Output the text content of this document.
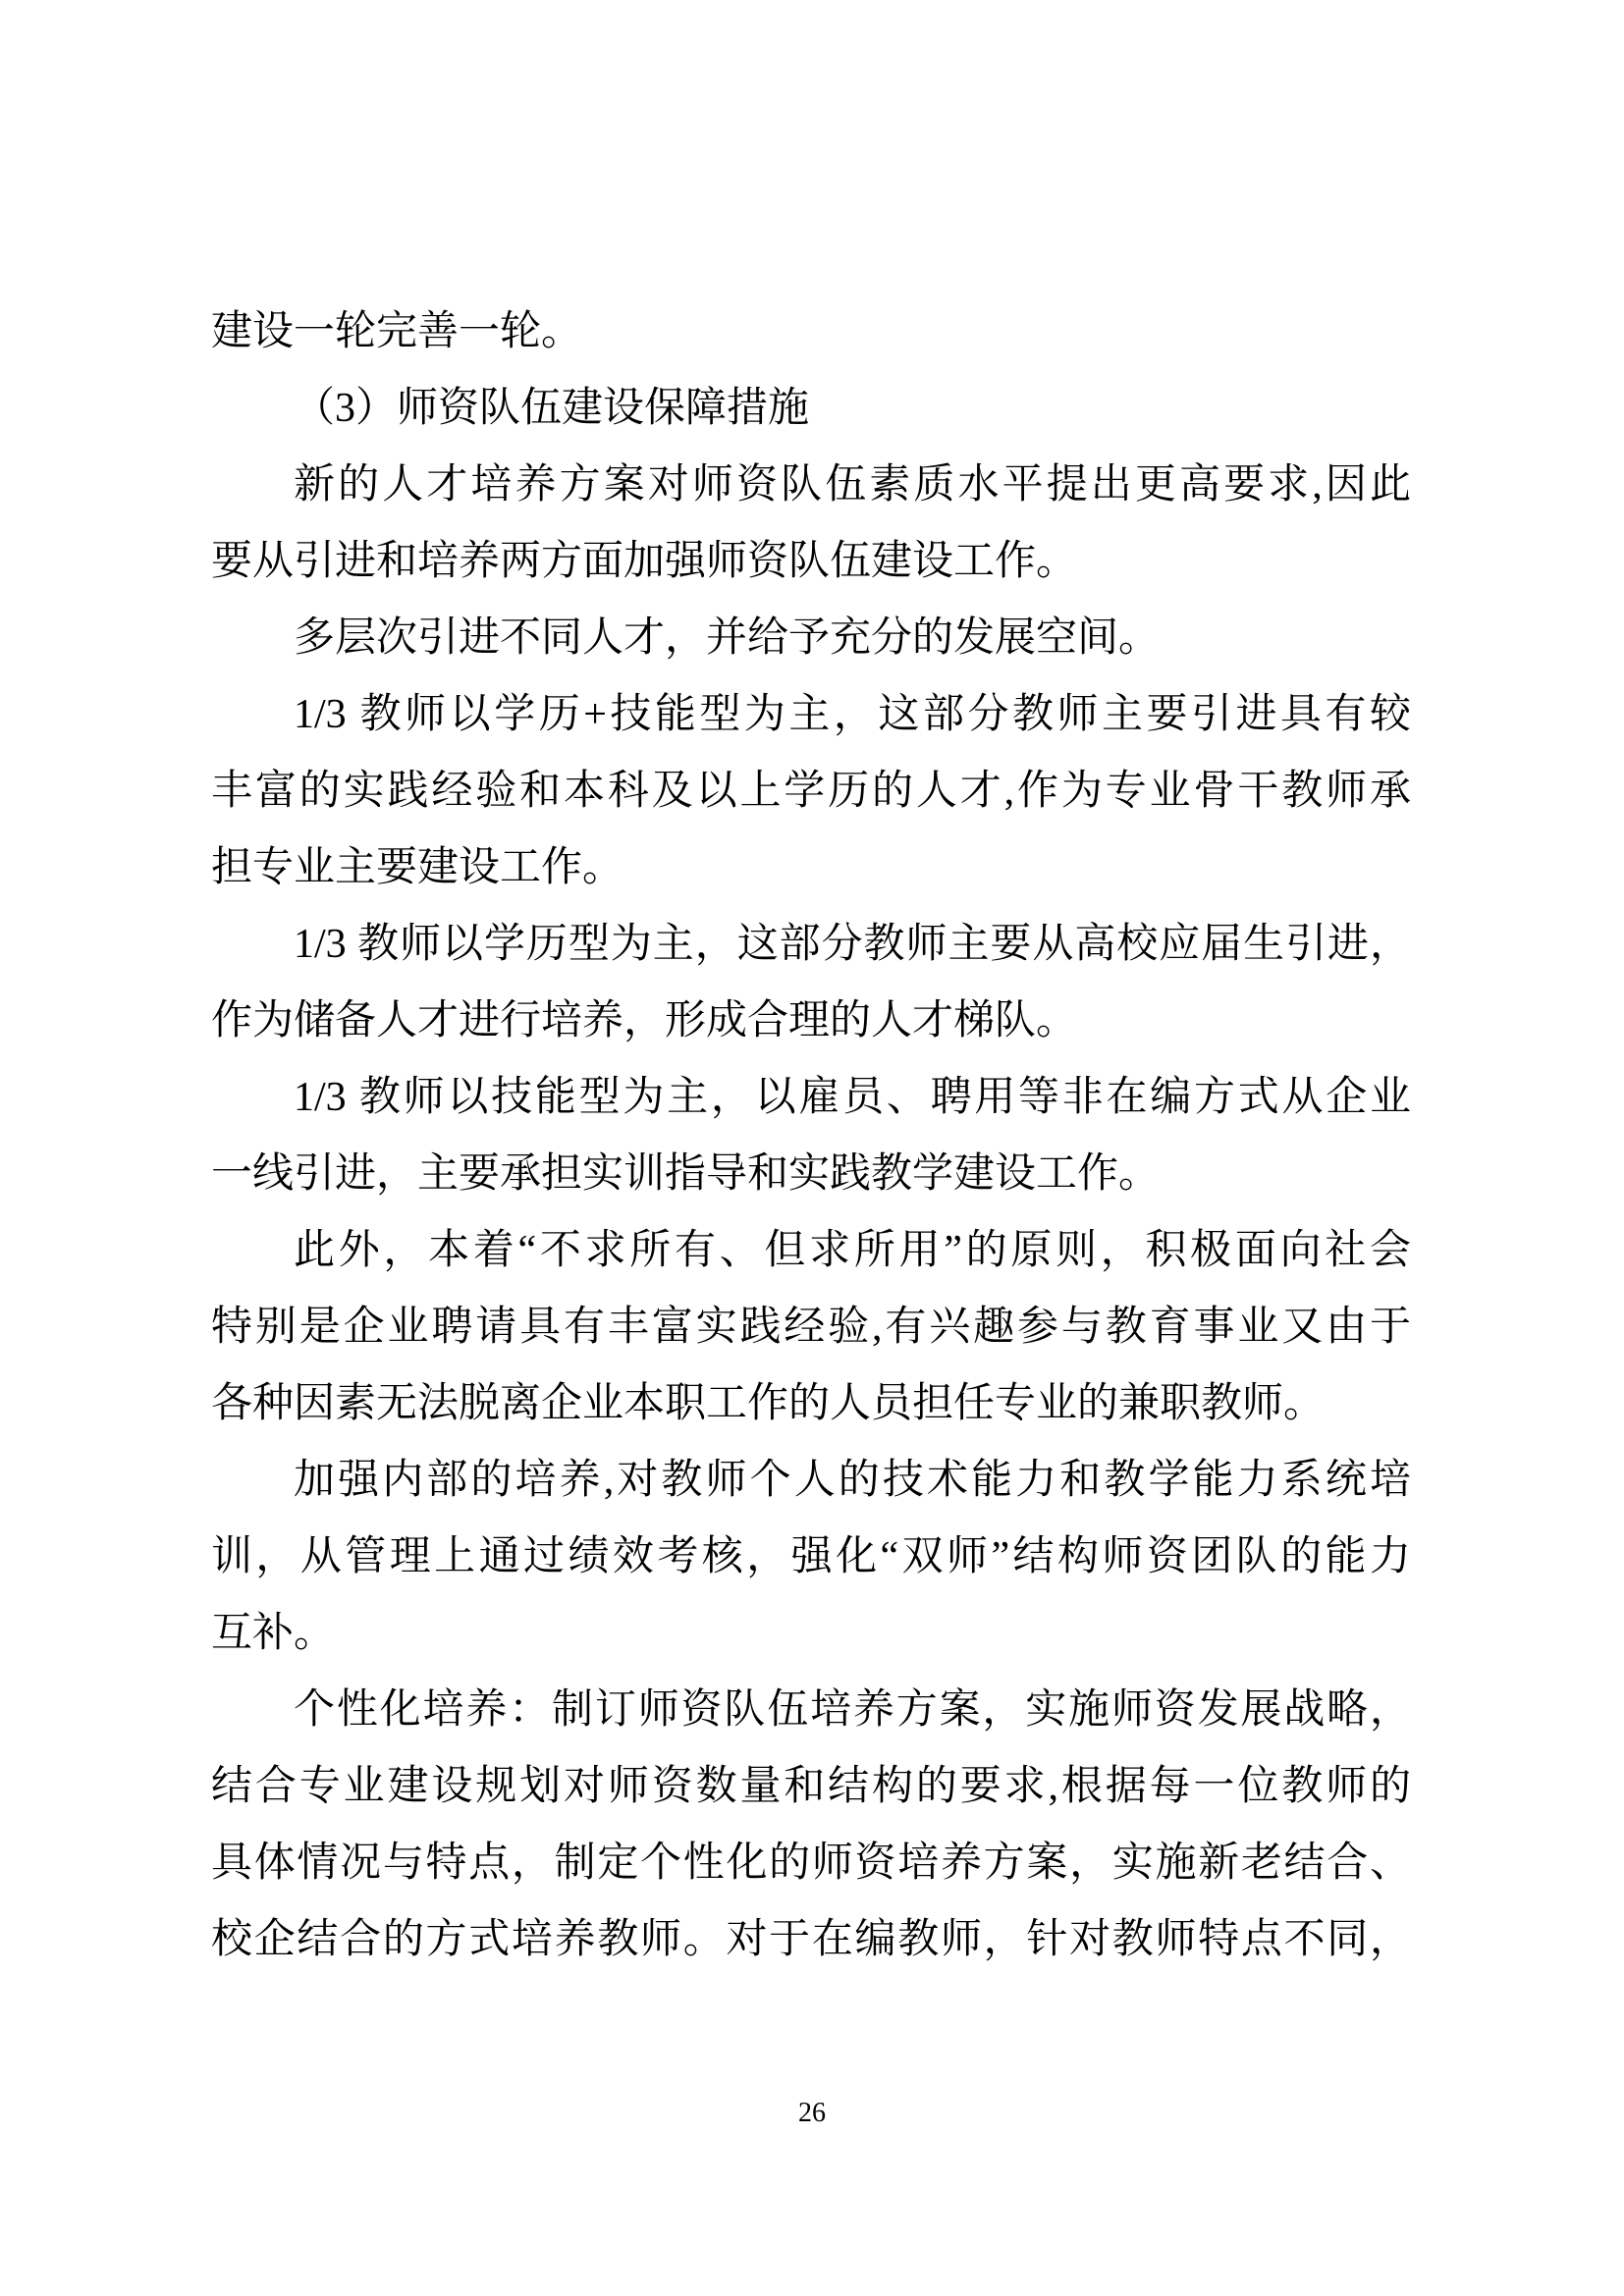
建设一轮完善一轮。
（3）师资队伍建设保障措施
新的人才培养方案对师资队伍素质水平提出更高要求,因此
要从引进和培养两方面加强师资队伍建设工作。
多层次引进不同人才，并给予充分的发展空间。
1/3 教师以学历+技能型为主，这部分教师主要引进具有较
丰富的实践经验和本科及以上学历的人才,作为专业骨干教师承
担专业主要建设工作。
1/3 教师以学历型为主，这部分教师主要从高校应届生引进，
作为储备人才进行培养，形成合理的人才梯队。
1/3 教师以技能型为主，以雇员、聘用等非在编方式从企业
一线引进，主要承担实训指导和实践教学建设工作。
此外，本着“不求所有、但求所用”的原则，积极面向社会
特别是企业聘请具有丰富实践经验,有兴趣参与教育事业又由于
各种因素无法脱离企业本职工作的人员担任专业的兼职教师。
加强内部的培养,对教师个人的技术能力和教学能力系统培
训，从管理上通过绩效考核，强化“双师”结构师资团队的能力
互补。
个性化培养：制订师资队伍培养方案，实施师资发展战略，
结合专业建设规划对师资数量和结构的要求,根据每一位教师的
具体情况与特点，制定个性化的师资培养方案，实施新老结合、
校企结合的方式培养教师。对于在编教师，针对教师特点不同，
26
